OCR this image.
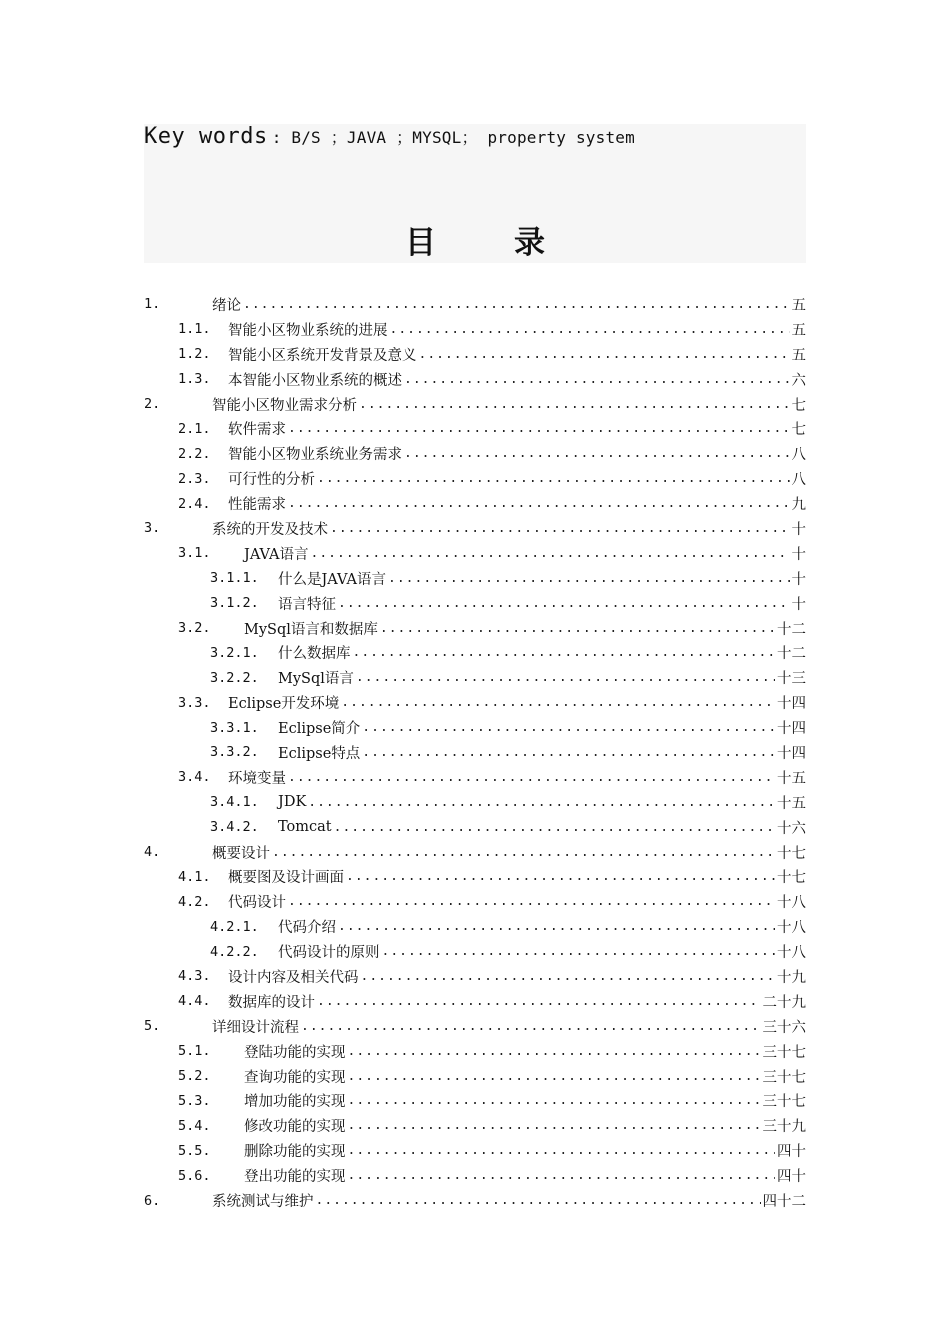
Key words : B/S ；JAVA ；MYSQL； property system
目	录
1.	绪论 .....	五
1.1.	智能小区物业系统的进展 .....	五
1.2.	智能小区系统开发背景及意义 .....	五
1.3.	本智能小区物业系统的概述 .....	六
2.	智能小区物业需求分析 .....	七
2.1.	软件需求 .....	七
2.2.	智能小区物业系统业务需求 .....	八
2.3.	可行性的分析 .....	八
2.4.	性能需求 .....	九
3.	系统的开发及技术 .....	十
3.1.	JAVA语言 .....	十
3.1.1.	什么是JAVA语言 .....	十
3.1.2.	语言特征 .....	十
3.2.	MySql语言和数据库 .....	十二
3.2.1.	什么数据库 .....	十二
3.2.2.	MySql语言 .....	十三
3.3.	Eclipse开发环境 .....	十四
3.3.1.	Eclipse简介 .....	十四
3.3.2.	Eclipse特点 .....	十四
3.4.	环境变量 .....	十五
3.4.1.	JDK .....	十五
3.4.2.	Tomcat .....	十六
4.	概要设计 .....	十七
4.1.	概要图及设计画面 .....	十七
4.2.	代码设计 .....	十八
4.2.1.	代码介绍 .....	十八
4.2.2.	代码设计的原则 .....	十八
4.3.	设计内容及相关代码 .....	十九
4.4.	数据库的设计 .....	二十九
5.	详细设计流程 .....	三十六
5.1.	登陆功能的实现 .....	三十七
5.2.	查询功能的实现 .....	三十七
5.3.	增加功能的实现 .....	三十七
5.4.	修改功能的实现 .....	三十九
5.5.	删除功能的实现 .....	四十
5.6.	登出功能的实现 .....	四十
6.	系统测试与维护 .....	四十二
